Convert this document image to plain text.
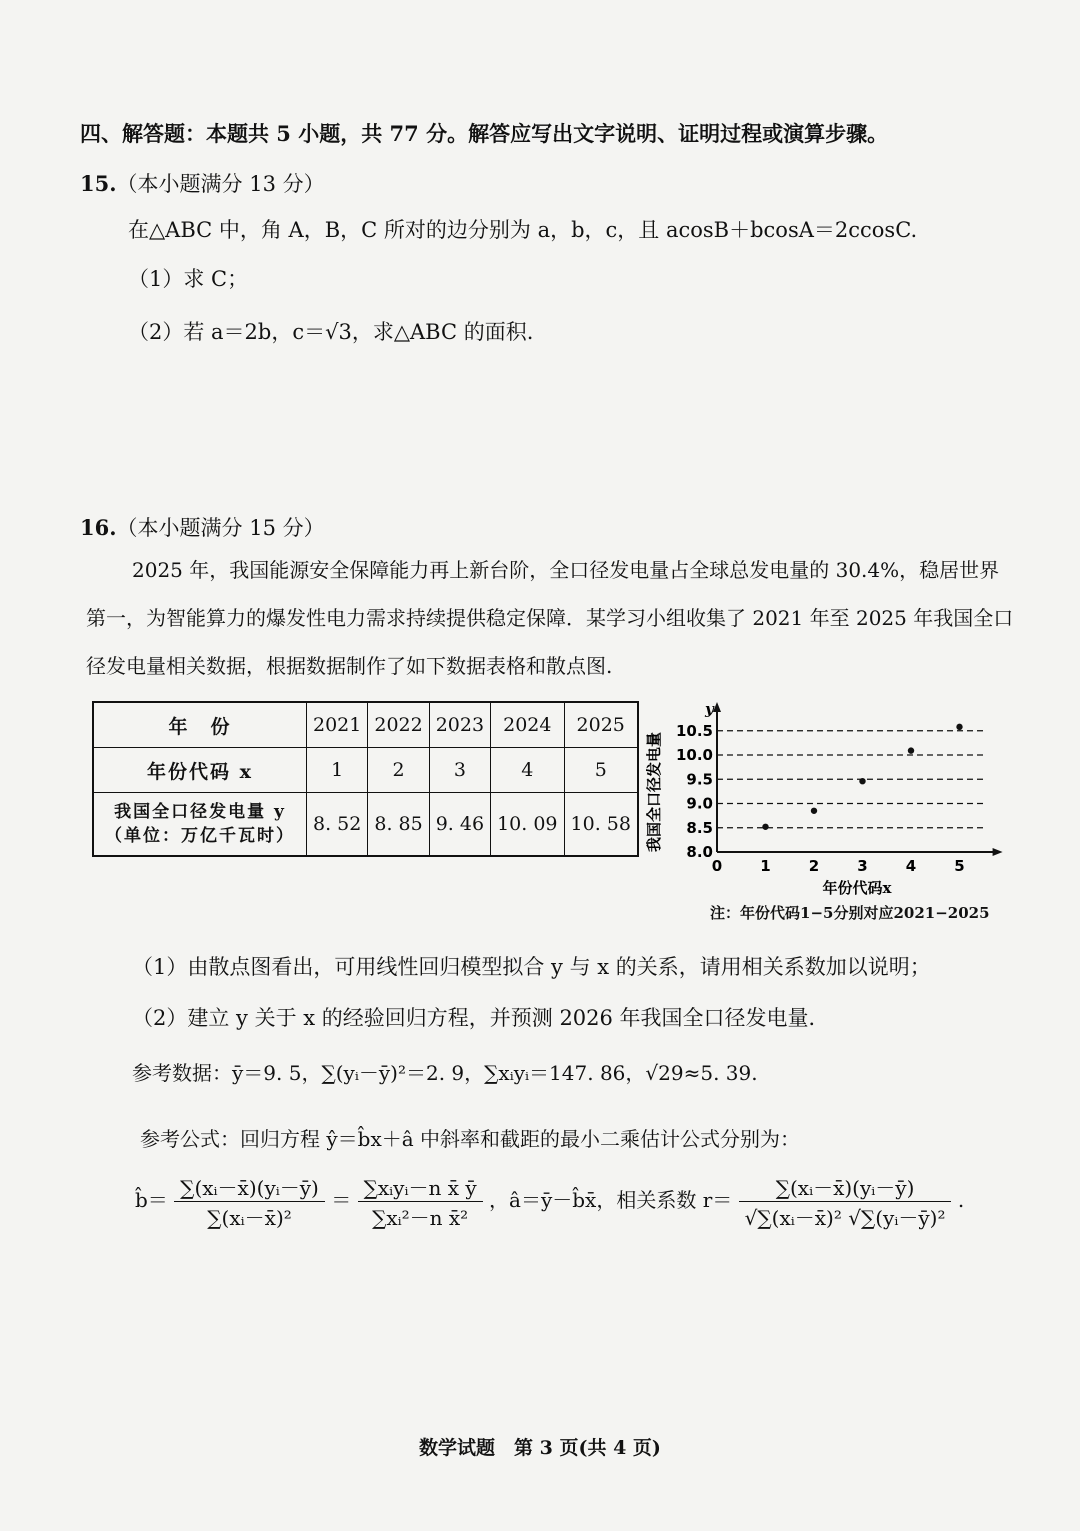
四、解答题：本题共 5 小题，共 77 分。解答应写出文字说明、证明过程或演算步骤。
15.（本小题满分 13 分）
在△ABC 中，角 A，B，C 所对的边分别为 a，b，c，且 acosB＋bcosA＝2ccosC.
（1）求 C；
（2）若 a＝2b，c＝√3，求△ABC 的面积.
16.（本小题满分 15 分）
2025 年，我国能源安全保障能力再上新台阶，全口径发电量占全球总发电量的 30.4%，稳居世界第一，为智能算力的爆发性电力需求持续提供稳定保障．某学习小组收集了 2021 年至 2025 年我国全口径发电量相关数据，根据数据制作了如下数据表格和散点图.
年　份	2021	2022	2023	2024	2025
年份代码 x	1	2	3	4	5

我国全口径发电量 y
（单位：万亿千瓦时）	8. 52	8. 85	9. 46	10. 09	10. 58
8.0
8.5
9.0
9.5
10.0
10.5
y
0	1	2	3	4	5
年份代码x
我国全口径发电量
注：年份代码1−5分别对应2021−2025
（1）由散点图看出，可用线性回归模型拟合 y 与 x 的关系，请用相关系数加以说明；
（2）建立 y 关于 x 的经验回归方程，并预测 2026 年我国全口径发电量．
参考数据：ȳ＝9. 5，∑(yᵢ－ȳ)²＝2. 9，∑xᵢyᵢ＝147. 86，√29≈5. 39.
参考公式：回归方程 ŷ＝b̂x＋â 中斜率和截距的最小二乘估计公式分别为：
b̂＝ $\frac{\text{∑(xᵢ－x̄)(yᵢ－ȳ)}}{\text{∑(xᵢ－x̄)²}} = \frac{\text{∑xᵢyᵢ－n x̄ ȳ}}{\text{∑xᵢ²－n x̄²}}$ ，â＝ȳ－b̂x̄，相关系数 $r= \frac{\text{∑(xᵢ－x̄)(yᵢ－ȳ)}}{\text{√∑(xᵢ－x̄)² √∑(yᵢ－ȳ)²}}$ .
数学试题　第 3 页(共 4 页)
